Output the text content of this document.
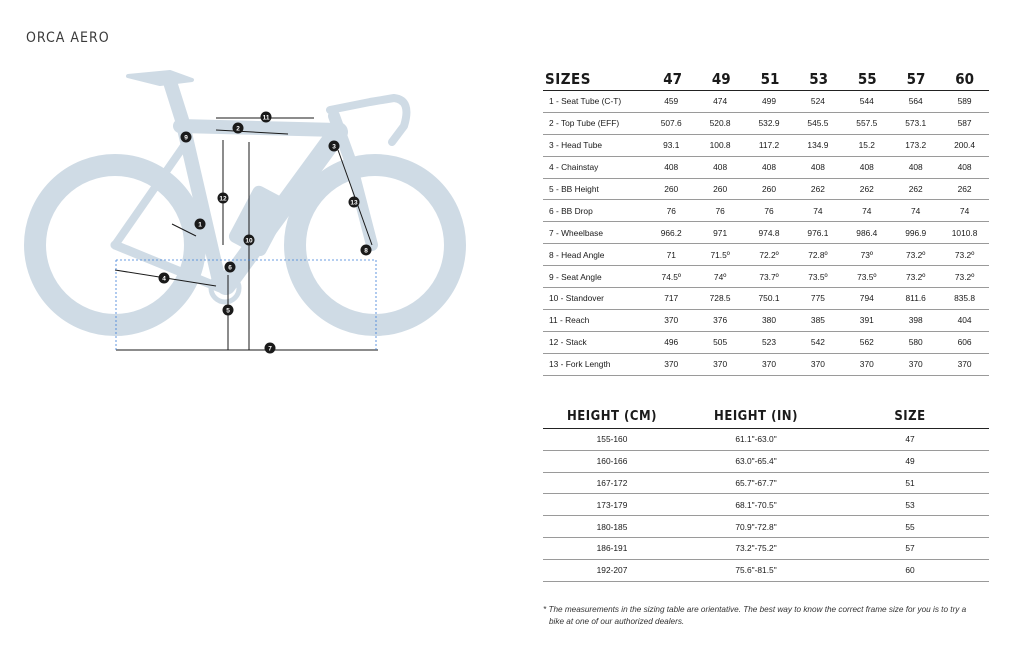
ORCA AERO
1
2
3
4
5
6
7
8
9
10
11
12
13
SIZES	47	49	51	53	55	57	60
1 - Seat Tube (C-T)	459	474	499	524	544	564	589
2 - Top Tube (EFF)	507.6	520.8	532.9	545.5	557.5	573.1	587
3 - Head Tube	93.1	100.8	117.2	134.9	15.2	173.2	200.4
4 - Chainstay	408	408	408	408	408	408	408
5 - BB Height	260	260	260	262	262	262	262
6 - BB Drop	76	76	76	74	74	74	74
7 - Wheelbase	966.2	971	974.8	976.1	986.4	996.9	1010.8
8 - Head Angle	71	71.5º	72.2º	72.8º	73º	73.2º	73.2º
9 - Seat Angle	74.5º	74º	73.7º	73.5º	73.5º	73.2º	73.2º
10 - Standover	717	728.5	750.1	775	794	811.6	835.8
11 - Reach	370	376	380	385	391	398	404
12 - Stack	496	505	523	542	562	580	606
13 - Fork Length	370	370	370	370	370	370	370
HEIGHT (CM)	HEIGHT (IN)	SIZE
155-160	61.1"-63.0"	47
160-166	63.0"-65.4"	49
167-172	65.7"-67.7"	51
173-179	68.1"-70.5"	53
180-185	70.9"-72.8"	55
186-191	73.2"-75.2"	57
192-207	75.6"-81.5"	60
* The measurements in the sizing table are orientative. The best way to know the correct frame size for you is to try a
bike at one of our authorized dealers.
